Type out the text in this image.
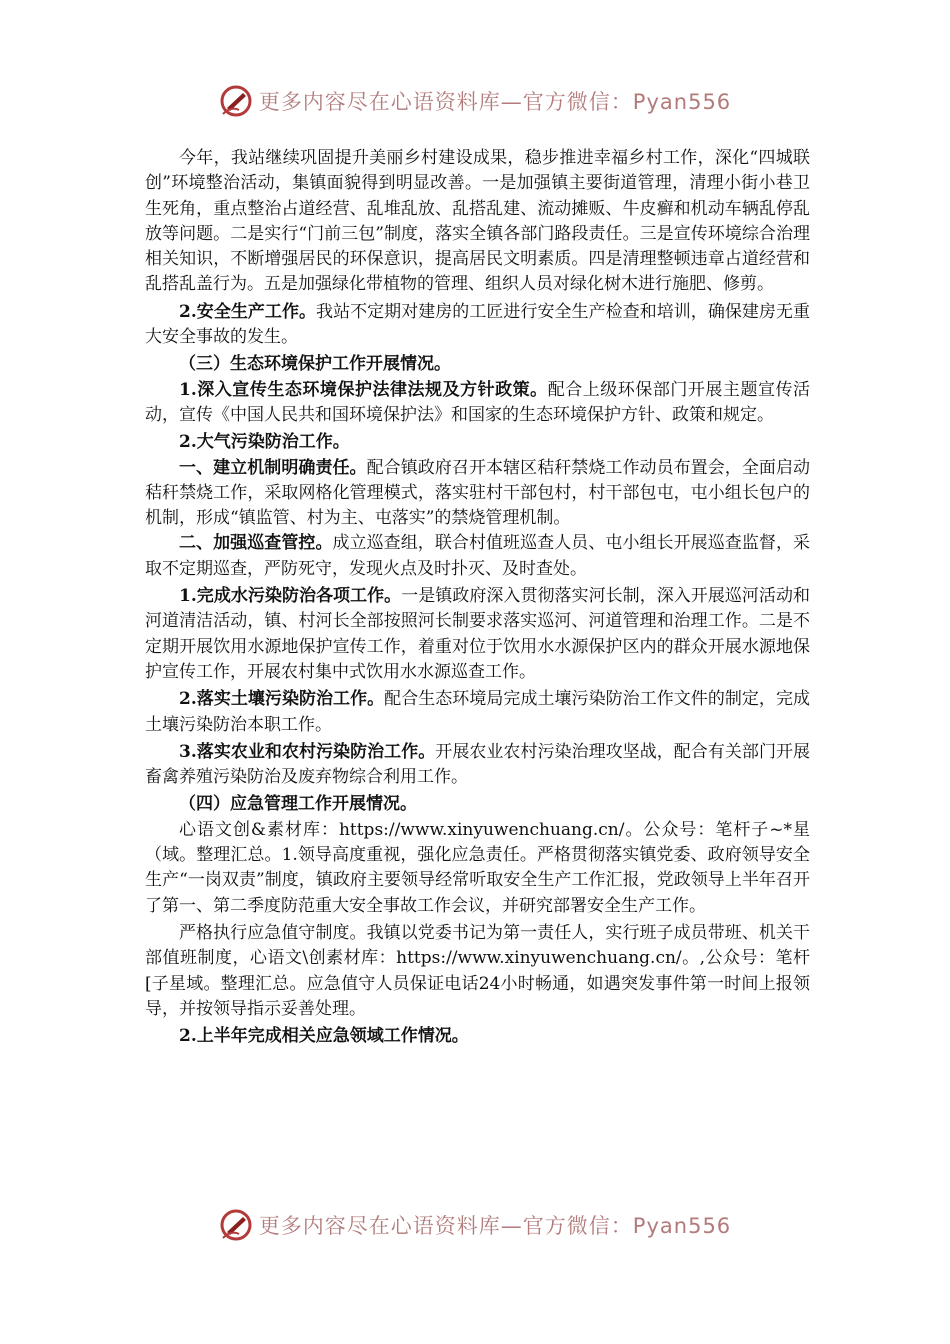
更多内容尽在心语资料库—官方微信：Pyan556

今年，我站继续巩固提升美丽乡村建设成果，稳步推进幸福乡村工作，深化“四城联创”环境整治活动，集镇面貌得到明显改善。一是加强镇主要街道管理，清理小街小巷卫生死角，重点整治占道经营、乱堆乱放、乱搭乱建、流动摊贩、牛皮癣和机动车辆乱停乱放等问题。二是实行“门前三包”制度，落实全镇各部门路段责任。三是宣传环境综合治理相关知识，不断增强居民的环保意识，提高居民文明素质。四是清理整顿违章占道经营和乱搭乱盖行为。五是加强绿化带植物的管理、组织人员对绿化树木进行施肥、修剪。

2.安全生产工作。我站不定期对建房的工匠进行安全生产检查和培训，确保建房无重大安全事故的发生。

（三）生态环境保护工作开展情况。

1.深入宣传生态环境保护法律法规及方针政策。配合上级环保部门开展主题宣传活动，宣传《中国人民共和国环境保护法》和国家的生态环境保护方针、政策和规定。

2.大气污染防治工作。

一、建立机制明确责任。配合镇政府召开本辖区秸秆禁烧工作动员布置会，全面启动秸秆禁烧工作，采取网格化管理模式，落实驻村干部包村，村干部包屯，屯小组长包户的机制，形成“镇监管、村为主、屯落实”的禁烧管理机制。

二、加强巡查管控。成立巡查组，联合村值班巡查人员、屯小组长开展巡查监督，采取不定期巡查，严防死守，发现火点及时扑灭、及时查处。

1.完成水污染防治各项工作。一是镇政府深入贯彻落实河长制，深入开展巡河活动和河道清洁活动，镇、村河长全部按照河长制要求落实巡河、河道管理和治理工作。二是不定期开展饮用水源地保护宣传工作，着重对位于饮用水水源保护区内的群众开展水源地保护宣传工作，开展农村集中式饮用水水源巡查工作。

2.落实土壤污染防治工作。配合生态环境局完成土壤污染防治工作文件的制定，完成土壤污染防治本职工作。

3.落实农业和农村污染防治工作。开展农业农村污染治理攻坚战，配合有关部门开展畜禽养殖污染防治及废弃物综合利用工作。

（四）应急管理工作开展情况。

心语文创&素材库：https://www.xinyuwenchuang.cn/。公众号：笔杆子~*星（域。整理汇总。1.领导高度重视，强化应急责任。严格贯彻落实镇党委、政府领导安全生产“一岗双责”制度，镇政府主要领导经常听取安全生产工作汇报，党政领导上半年召开了第一、第二季度防范重大安全事故工作会议，并研究部署安全生产工作。

严格执行应急值守制度。我镇以党委书记为第一责任人，实行班子成员带班、机关干部值班制度，心语文\创素材库：https://www.xinyuwenchuang.cn/。,公众号：笔杆[子星域。整理汇总。应急值守人员保证电话24小时畅通，如遇突发事件第一时间上报领导，并按领导指示妥善处理。

2.上半年完成相关应急领域工作情况。

更多内容尽在心语资料库—官方微信：Pyan556
